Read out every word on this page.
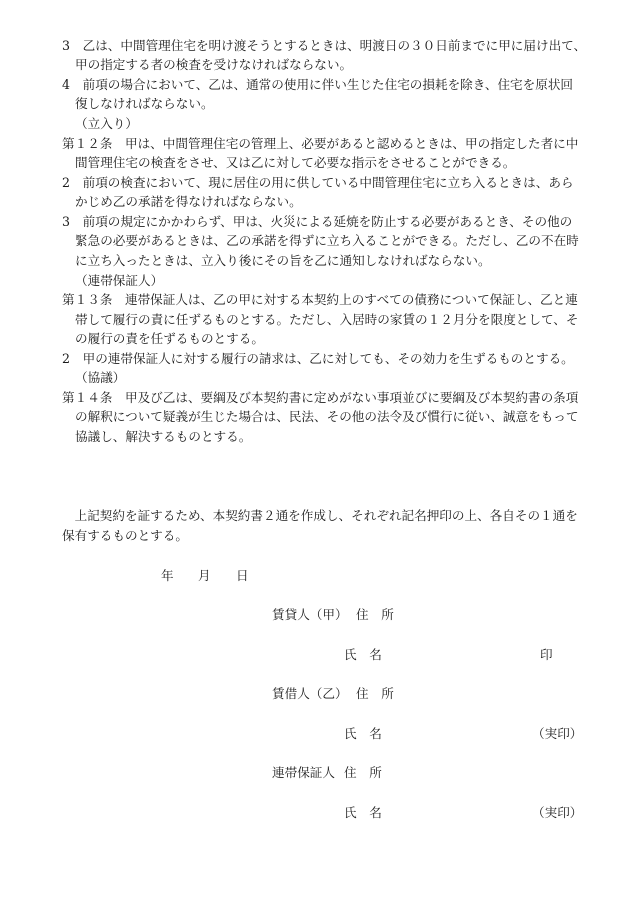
3　乙は、中間管理住宅を明け渡そうとするときは、明渡日の３０日前までに甲に届け出て、
甲の指定する者の検査を受けなければならない。
4　前項の場合において、乙は、通常の使用に伴い生じた住宅の損耗を除き、住宅を原状回
復しなければならない。
（立入り）
第１２条　甲は、中間管理住宅の管理上、必要があると認めるときは、甲の指定した者に中
間管理住宅の検査をさせ、又は乙に対して必要な指示をさせることができる。
2　前項の検査において、現に居住の用に供している中間管理住宅に立ち入るときは、あら
かじめ乙の承諾を得なければならない。
3　前項の規定にかかわらず、甲は、火災による延焼を防止する必要があるとき、その他の
緊急の必要があるときは、乙の承諾を得ずに立ち入ることができる。ただし、乙の不在時
に立ち入ったときは、立入り後にその旨を乙に通知しなければならない。
（連帯保証人）
第１３条　連帯保証人は、乙の甲に対する本契約上のすべての債務について保証し、乙と連
帯して履行の責に任ずるものとする。ただし、入居時の家賃の１２月分を限度として、そ
の履行の責を任ずるものとする。
2　甲の連帯保証人に対する履行の請求は、乙に対しても、その効力を生ずるものとする。
（協議）
第１４条　甲及び乙は、要綱及び本契約書に定めがない事項並びに要綱及び本契約書の条項
の解釈について疑義が生じた場合は、民法、その他の法令及び慣行に従い、誠意をもって
協議し、解決するものとする。
　上記契約を証するため、本契約書２通を作成し、それぞれ記名押印の上、各自その１通を
保有するものとする。
年 月 日
賃貸人（甲） 住　所
氏　名	印
賃借人（乙） 住　所
氏　名	（実印）
連帯保証人 住　所
氏　名	（実印）
